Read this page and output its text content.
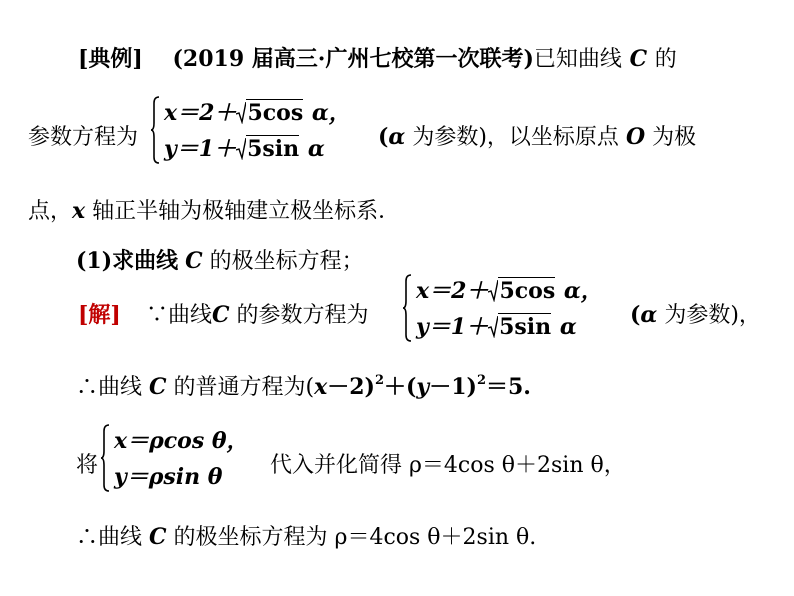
[典例] (2019 届高三·广州七校第一次联考)已知曲线 C 的
参数方程为
x＝2＋ 5cos α，
y＝1＋ 5sin α (α 为参数)，以坐标原点 O 为极
点，x 轴正半轴为极轴建立极坐标系．
(1)求曲线 C 的极坐标方程；
[解] ∵曲线C 的参数方程为
x＝2＋ 5cos α，
y＝1＋ 5sin α (α 为参数)，
∴曲线 C 的普通方程为$(x-2)^2+(y-1)^2=5$.
将
x＝ρcos θ，
y＝ρsin θ 代入并化简得 ρ＝4cos θ＋2sin θ，
∴曲线 C 的极坐标方程为 ρ＝4cos θ＋2sin θ.
